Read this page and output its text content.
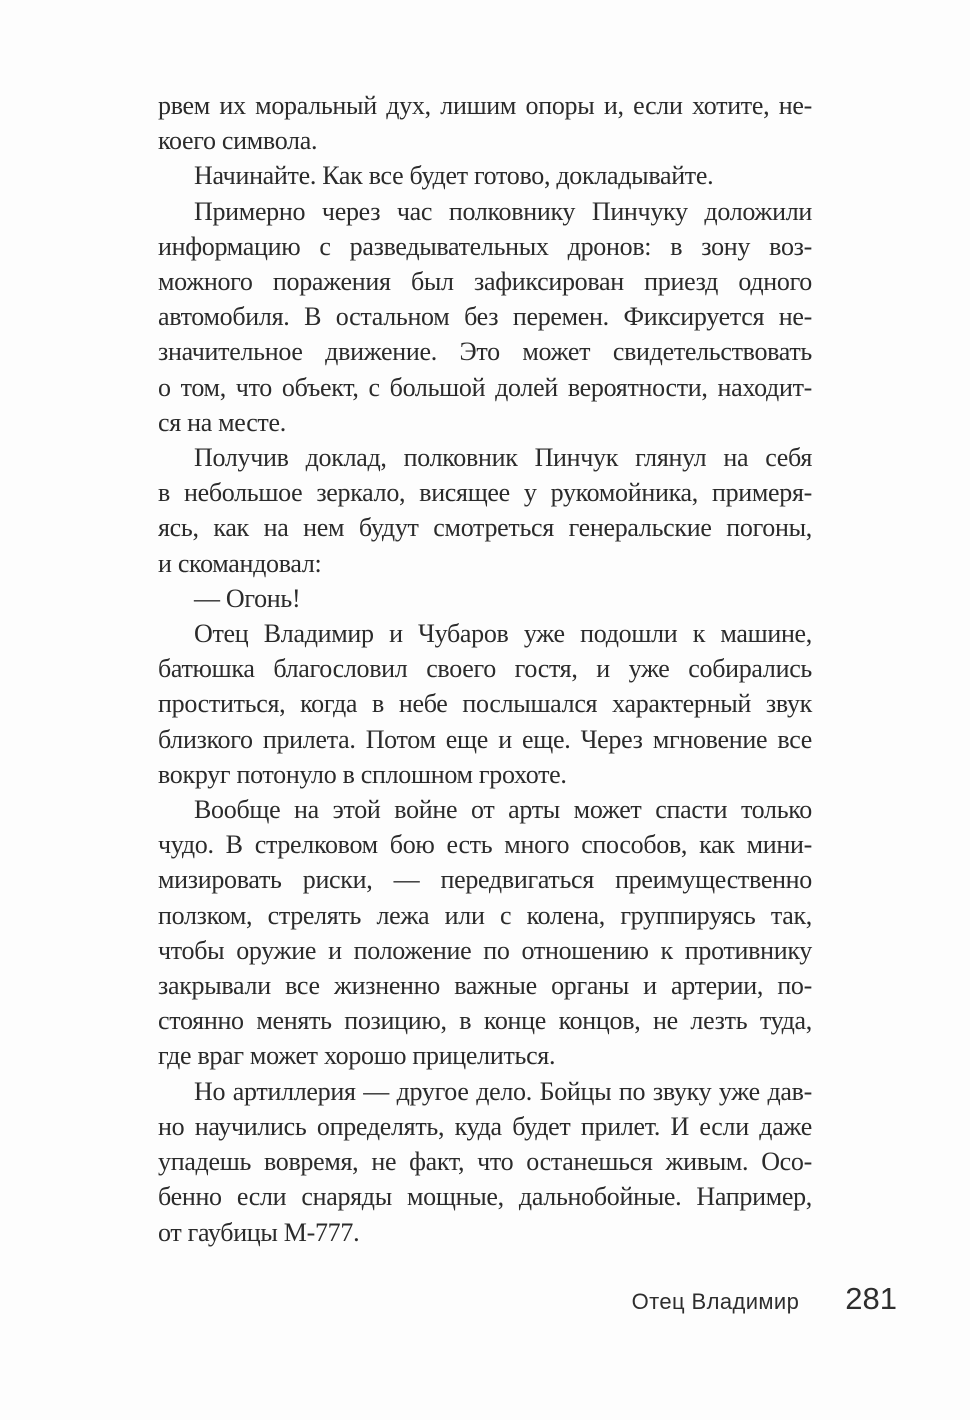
рвем их моральный дух, лишим опоры и, если хотите, не-
коего символа.
Начинайте. Как все будет готово, докладывайте.
Примерно через час полковнику Пинчуку доложили
информацию с разведывательных дронов: в зону воз-
можного поражения был зафиксирован приезд одного
автомобиля. В остальном без перемен. Фиксируется не-
значительное движение. Это может свидетельствовать
о том, что объект, с большой долей вероятности, находит-
ся на месте.
Получив доклад, полковник Пинчук глянул на себя
в небольшое зеркало, висящее у рукомойника, примеря-
ясь, как на нем будут смотреться генеральские погоны,
и скомандовал:
— Огонь!
Отец Владимир и Чубаров уже подошли к машине,
батюшка благословил своего гостя, и уже собирались
проститься, когда в небе послышался характерный звук
близкого прилета. Потом еще и еще. Через мгновение все
вокруг потонуло в сплошном грохоте.
Вообще на этой войне от арты может спасти только
чудо. В стрелковом бою есть много способов, как мини-
мизировать риски, — передвигаться преимущественно
ползком, стрелять лежа или с колена, группируясь так,
чтобы оружие и положение по отношению к противнику
закрывали все жизненно важные органы и артерии, по-
стоянно менять позицию, в конце концов, не лезть туда,
где враг может хорошо прицелиться.
Но артиллерия — другое дело. Бойцы по звуку уже дав-
но научились определять, куда будет прилет. И если даже
упадешь вовремя, не факт, что останешься живым. Осо-
бенно если снаряды мощные, дальнобойные. Например,
от гаубицы М-777.
Отец Владимир 281
